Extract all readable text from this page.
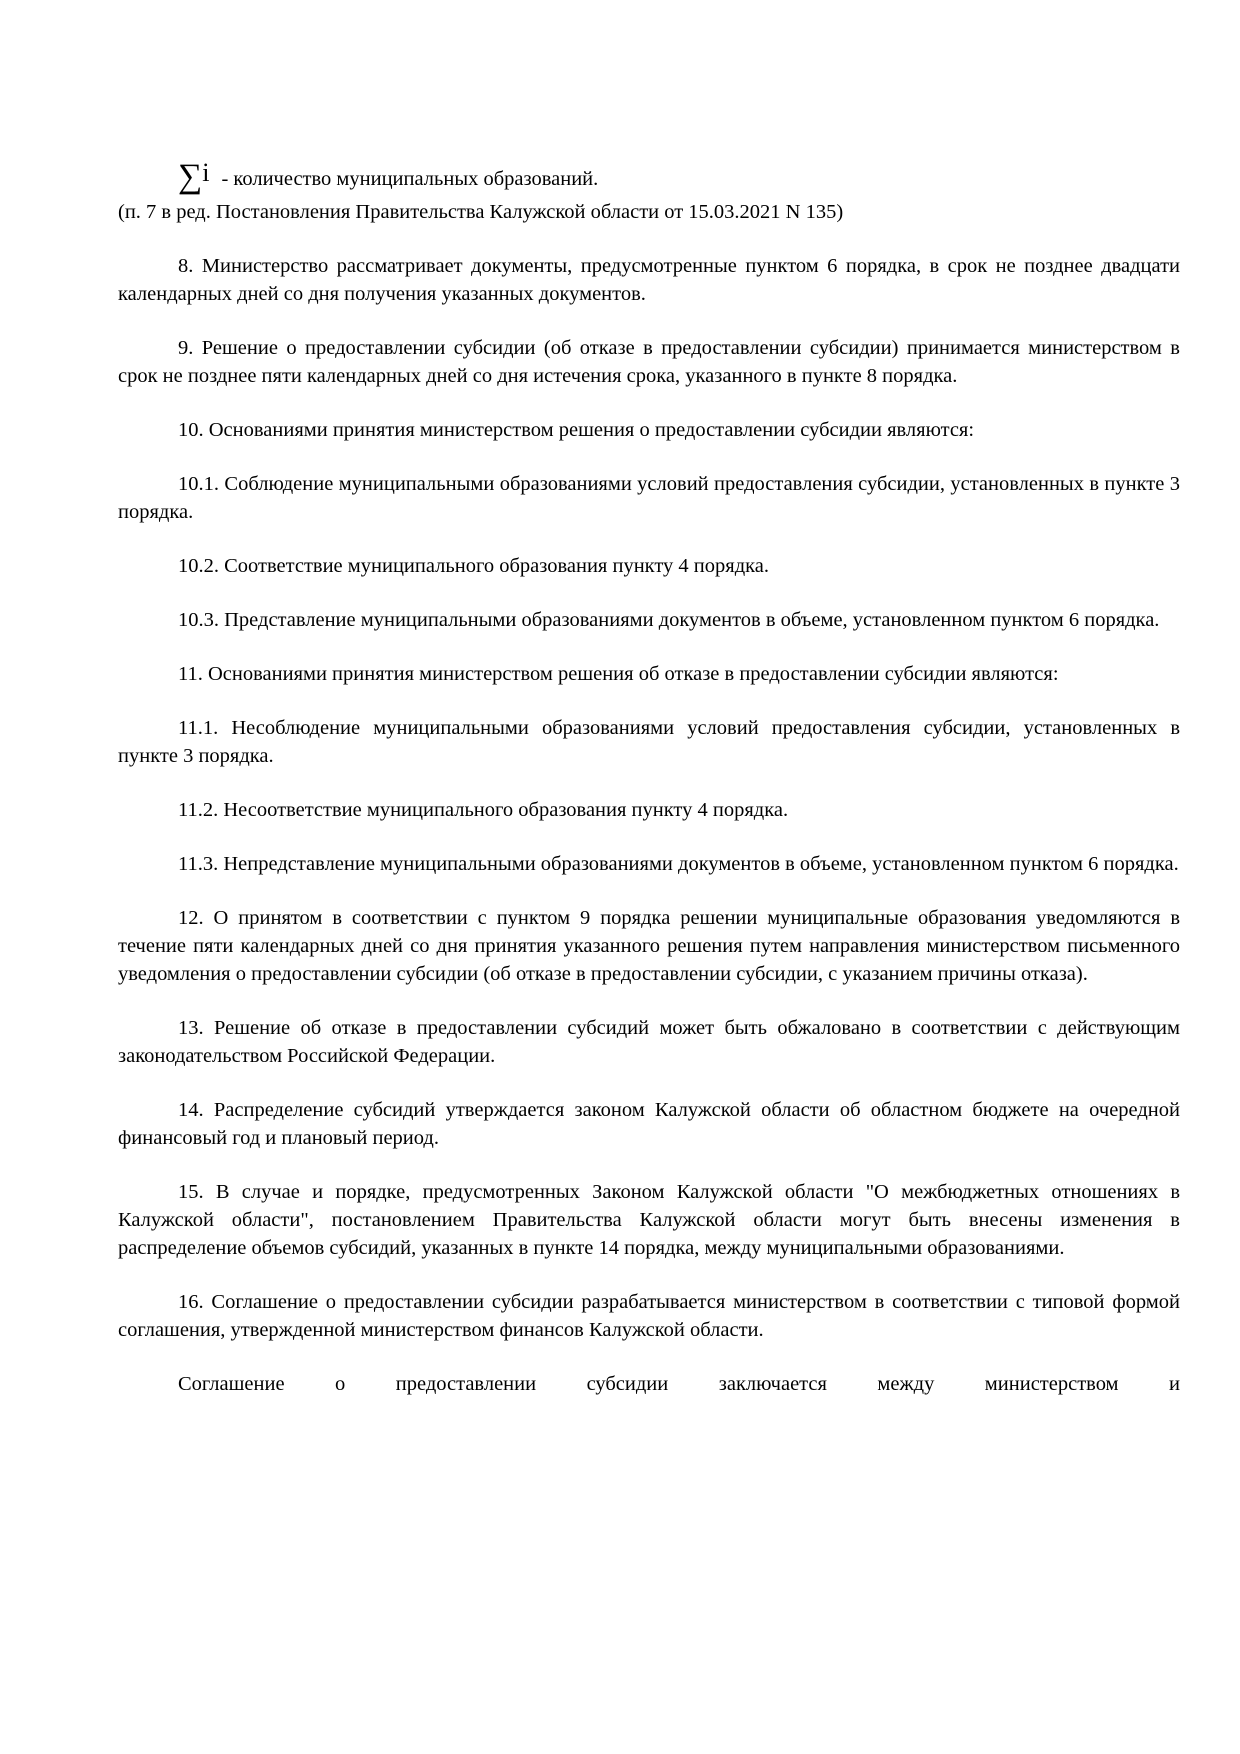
∑ i - количество муниципальных образований.
(п. 7 в ред. Постановления Правительства Калужской области от 15.03.2021 N 135)

8. Министерство рассматривает документы, предусмотренные пунктом 6 порядка, в срок не позднее двадцати календарных дней со дня получения указанных документов.

9. Решение о предоставлении субсидии (об отказе в предоставлении субсидии) принимается министерством в срок не позднее пяти календарных дней со дня истечения срока, указанного в пункте 8 порядка.

10. Основаниями принятия министерством решения о предоставлении субсидии являются:

10.1. Соблюдение муниципальными образованиями условий предоставления субсидии, установленных в пункте 3 порядка.

10.2. Соответствие муниципального образования пункту 4 порядка.

10.3. Представление муниципальными образованиями документов в объеме, установленном пунктом 6 порядка.

11. Основаниями принятия министерством решения об отказе в предоставлении субсидии являются:

11.1. Несоблюдение муниципальными образованиями условий предоставления субсидии, установленных в пункте 3 порядка.

11.2. Несоответствие муниципального образования пункту 4 порядка.

11.3. Непредставление муниципальными образованиями документов в объеме, установленном пунктом 6 порядка.

12. О принятом в соответствии с пунктом 9 порядка решении муниципальные образования уведомляются в течение пяти календарных дней со дня принятия указанного решения путем направления министерством письменного уведомления о предоставлении субсидии (об отказе в предоставлении субсидии, с указанием причины отказа).

13. Решение об отказе в предоставлении субсидий может быть обжаловано в соответствии с действующим законодательством Российской Федерации.

14. Распределение субсидий утверждается законом Калужской области об областном бюджете на очередной финансовый год и плановый период.

15. В случае и порядке, предусмотренных Законом Калужской области "О межбюджетных отношениях в Калужской области", постановлением Правительства Калужской области могут быть внесены изменения в распределение объемов субсидий, указанных в пункте 14 порядка, между муниципальными образованиями.

16. Соглашение о предоставлении субсидии разрабатывается министерством в соответствии с типовой формой соглашения, утвержденной министерством финансов Калужской области.

Соглашение о предоставлении субсидии заключается между министерством и
